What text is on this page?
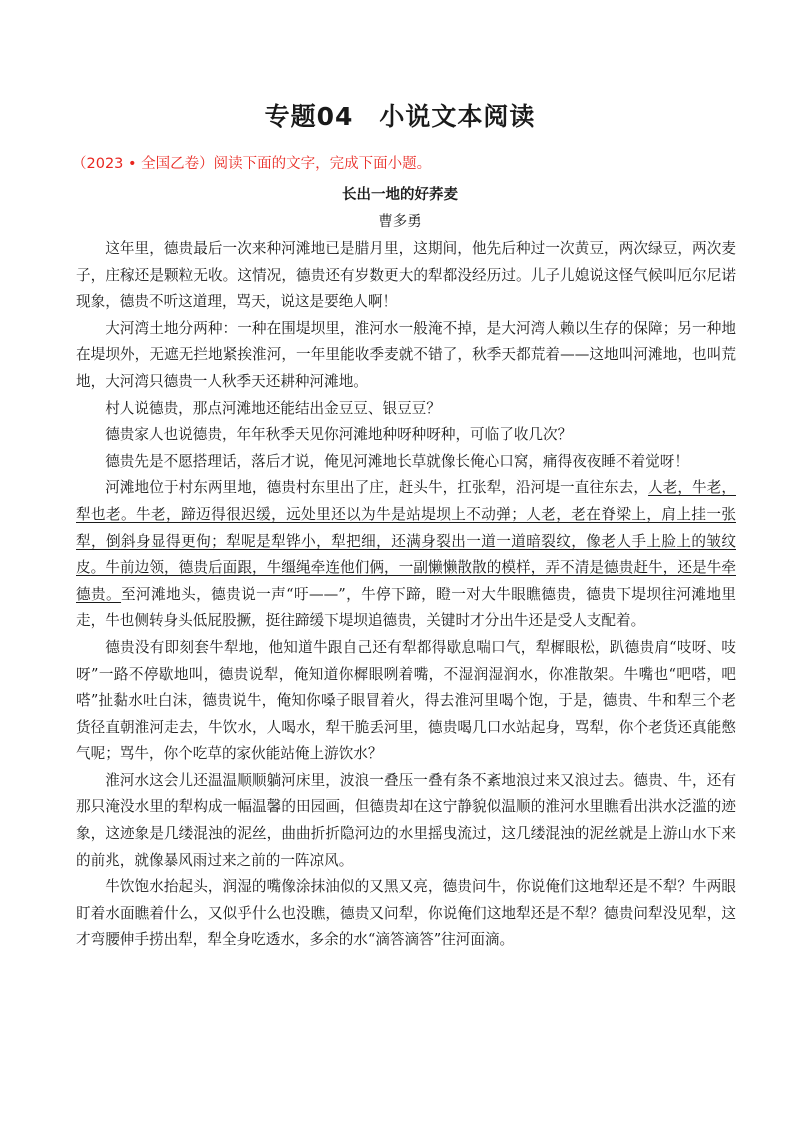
专题04　小说文本阅读

（2023 • 全国乙卷）阅读下面的文字，完成下面小题。

长出一地的好荞麦

曹多勇

这年里，德贵最后一次来种河滩地已是腊月里，这期间，他先后种过一次黄豆，两次绿豆，两次麦子，庄稼还是颗粒无收。这情况，德贵还有岁数更大的犁都没经历过。儿子儿媳说这怪气候叫厄尔尼诺现象，德贵不听这道理，骂天，说这是要绝人啊！

大河湾土地分两种：一种在围堤坝里，淮河水一般淹不掉，是大河湾人赖以生存的保障；另一种地在堤坝外，无遮无拦地紧挨淮河，一年里能收季麦就不错了，秋季天都荒着——这地叫河滩地，也叫荒地，大河湾只德贵一人秋季天还耕种河滩地。

村人说德贵，那点河滩地还能结出金豆豆、银豆豆？

德贵家人也说德贵，年年秋季天见你河滩地种呀种呀种，可临了收几次？

德贵先是不愿搭理话，落后才说，俺见河滩地长草就像长俺心口窝，痛得夜夜睡不着觉呀！

河滩地位于村东两里地，德贵村东里出了庄，赶头牛，扛张犁，沿河堤一直往东去，人老，牛老，犁也老。牛老，蹄迈得很迟缓，远处里还以为牛是站堤坝上不动弹；人老，老在脊梁上，肩上挂一张犁，倒斜身显得更佝；犁呢是犁铧小，犁把细，还满身裂出一道一道暗裂纹，像老人手上脸上的皱纹皮。牛前边领，德贵后面跟，牛缰绳牵连他们俩，一副懒懒散散的模样，弄不清是德贵赶牛，还是牛牵德贵。至河滩地头，德贵说一声“吁——”，牛停下蹄，瞪一对大牛眼瞧德贵，德贵下堤坝往河滩地里走，牛也侧转身头低屁股撅，挺往蹄缓下堤坝追德贵，关键时才分出牛还是受人支配着。

德贵没有即刻套牛犁地，他知道牛跟自己还有犁都得歇息喘口气，犁樨眼松，趴德贵肩“吱呀、吱呀”一路不停歇地叫，德贵说犁，俺知道你樨眼咧着嘴，不湿润湿润水，你准散架。牛嘴也“吧嗒，吧嗒”扯黏水吐白沫，德贵说牛，俺知你嗓子眼冒着火，得去淮河里喝个饱，于是，德贵、牛和犁三个老货径直朝淮河走去，牛饮水，人喝水，犁干脆丢河里，德贵喝几口水站起身，骂犁，你个老货还真能憋气呢；骂牛，你个吃草的家伙能站俺上游饮水？

淮河水这会儿还温温顺顺躺河床里，波浪一叠压一叠有条不紊地浪过来又浪过去。德贵、牛，还有那只淹没水里的犁构成一幅温馨的田园画，但德贵却在这宁静貌似温顺的淮河水里瞧看出洪水泛滥的迹象，这迹象是几缕混浊的泥丝，曲曲折折隐河边的水里摇曳流过，这几缕混浊的泥丝就是上游山水下来的前兆，就像暴风雨过来之前的一阵凉风。

牛饮饱水抬起头，润湿的嘴像涂抹油似的又黑又亮，德贵问牛，你说俺们这地犁还是不犁？牛两眼盯着水面瞧着什么，又似乎什么也没瞧，德贵又问犁，你说俺们这地犁还是不犁？德贵问犁没见犁，这才弯腰伸手捞出犁，犁全身吃透水，多余的水“滴答滴答”往河面滴。
